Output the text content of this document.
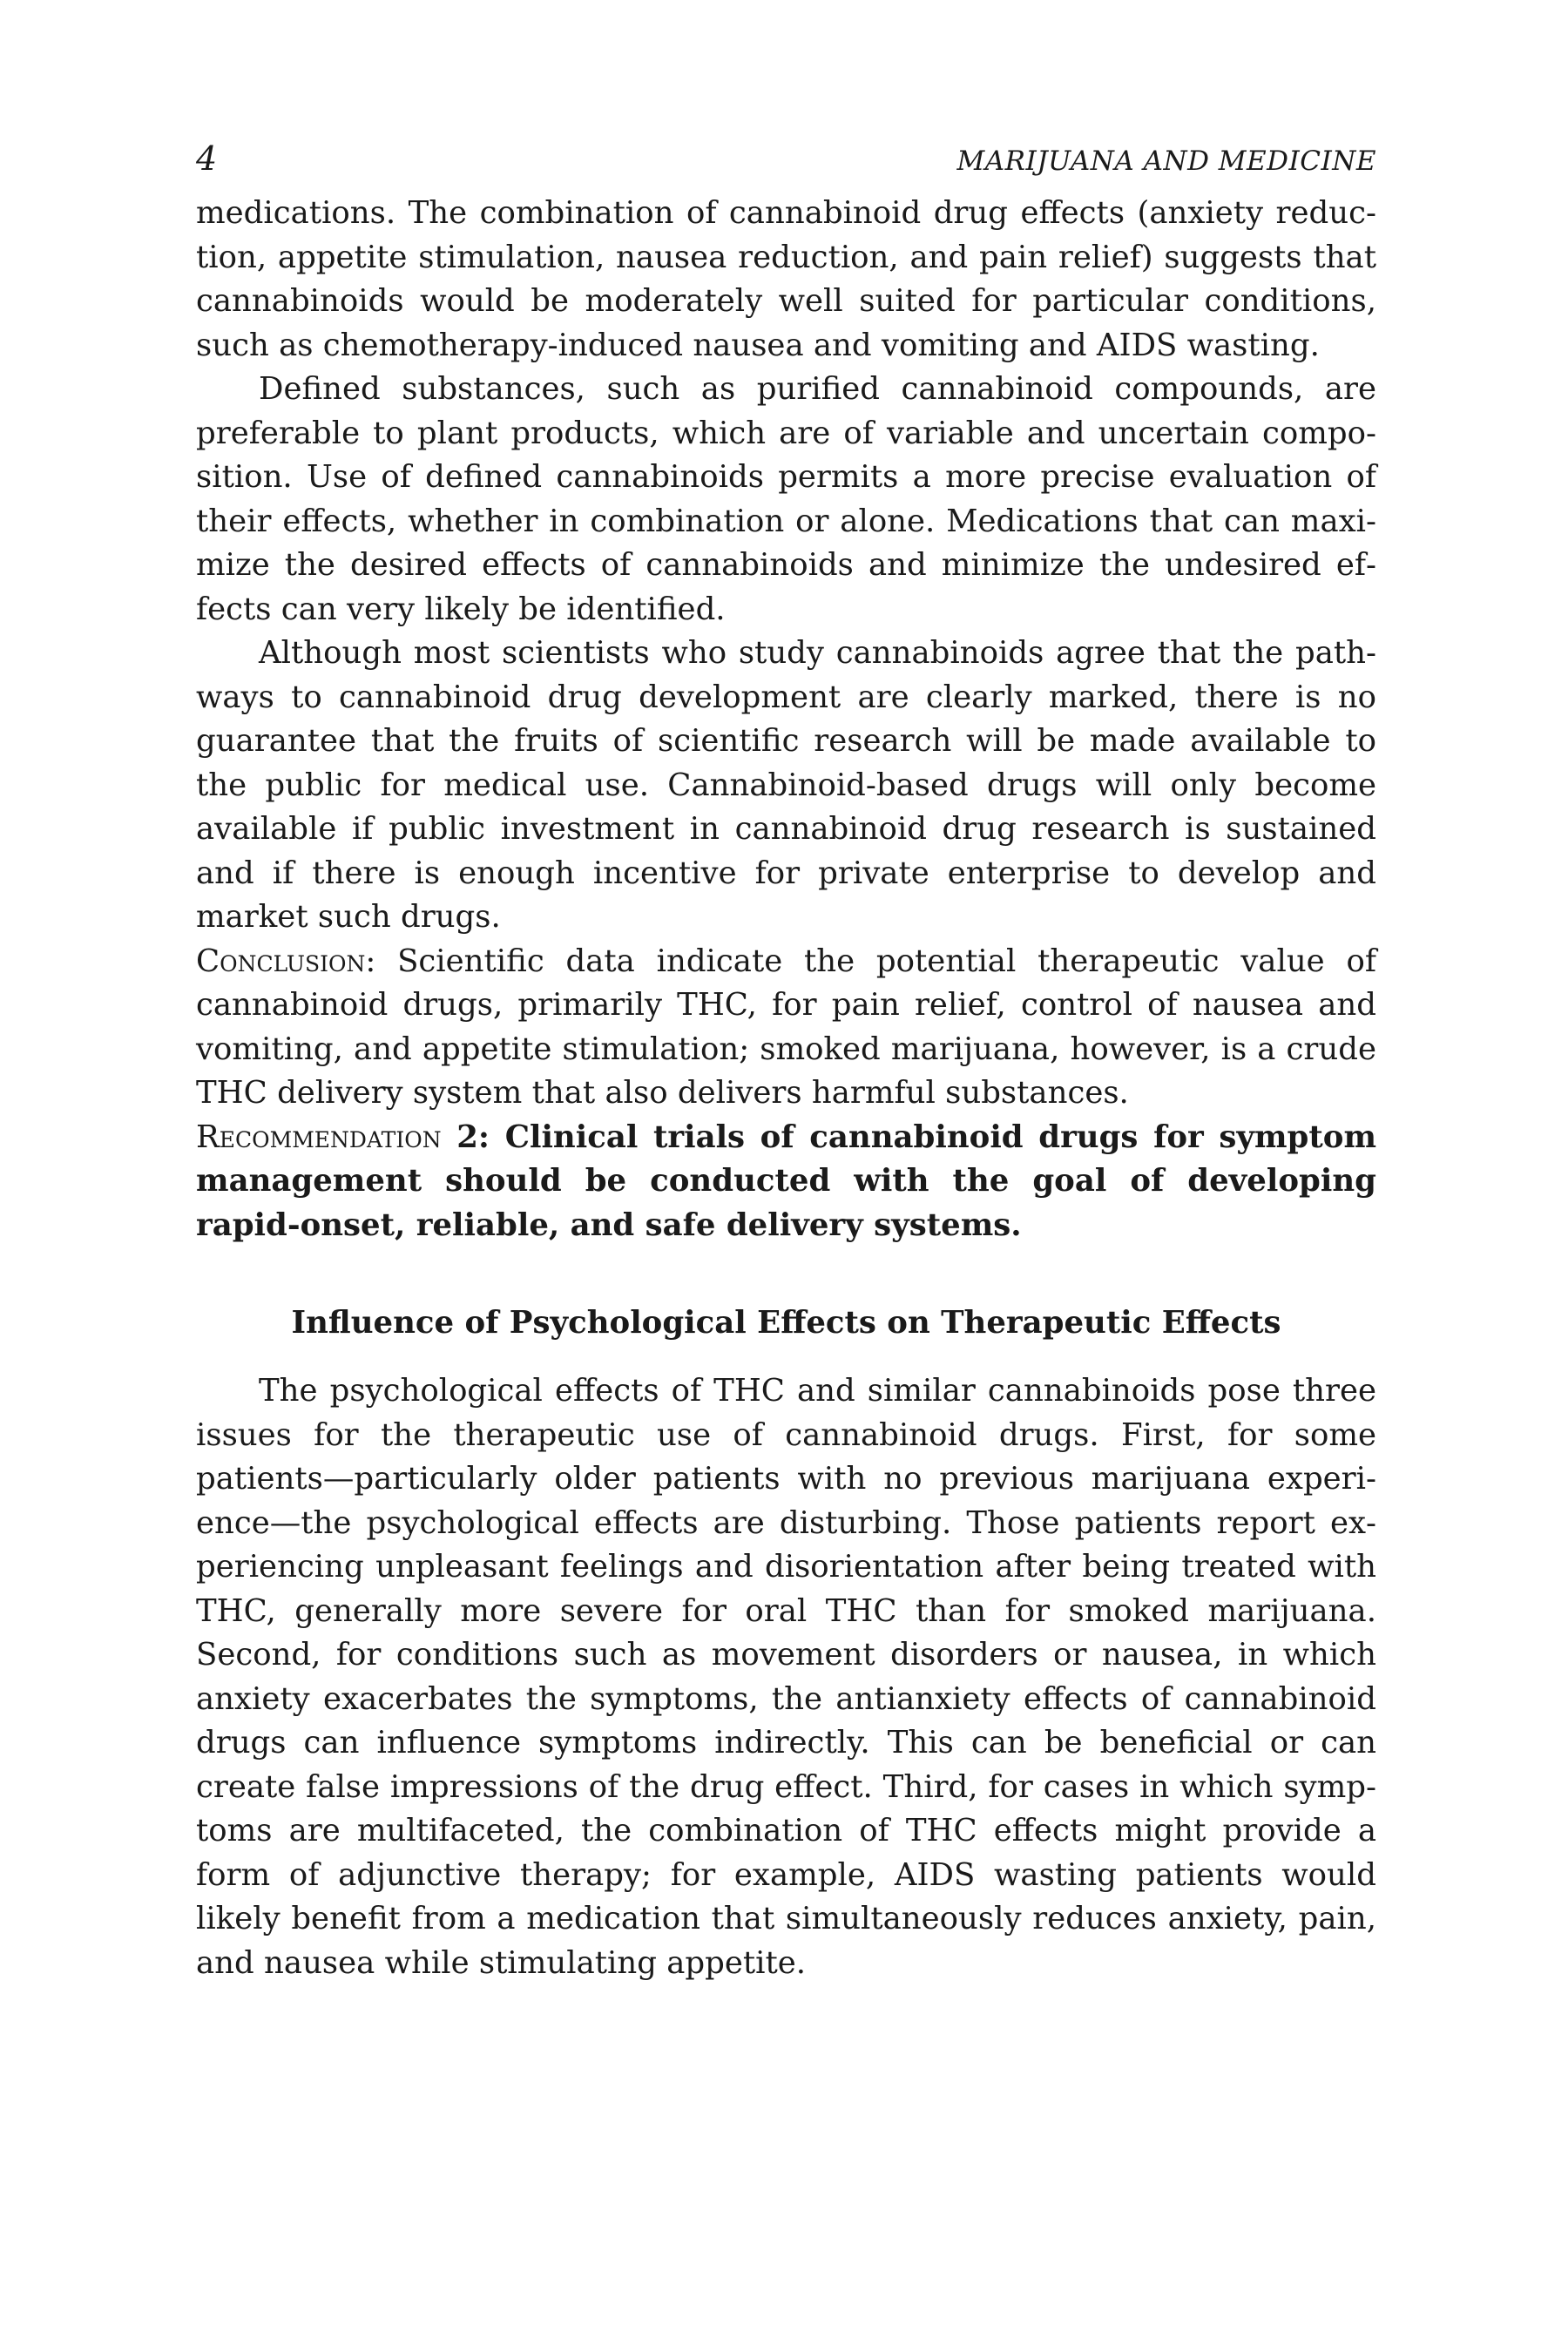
4	MARIJUANA AND MEDICINE

medications. The combination of cannabinoid drug effects (anxiety reduction, appetite stimulation, nausea reduction, and pain relief) suggests that cannabinoids would be moderately well suited for particular conditions, such as chemotherapy-induced nausea and vomiting and AIDS wasting.

Defined substances, such as purified cannabinoid compounds, are preferable to plant products, which are of variable and uncertain composition. Use of defined cannabinoids permits a more precise evaluation of their effects, whether in combination or alone. Medications that can maximize the desired effects of cannabinoids and minimize the undesired effects can very likely be identified.

Although most scientists who study cannabinoids agree that the pathways to cannabinoid drug development are clearly marked, there is no guarantee that the fruits of scientific research will be made available to the public for medical use. Cannabinoid-based drugs will only become available if public investment in cannabinoid drug research is sustained and if there is enough incentive for private enterprise to develop and market such drugs.

Conclusion: Scientific data indicate the potential therapeutic value of cannabinoid drugs, primarily THC, for pain relief, control of nausea and vomiting, and appetite stimulation; smoked marijuana, however, is a crude THC delivery system that also delivers harmful substances.

Recommendation 2: Clinical trials of cannabinoid drugs for symptom management should be conducted with the goal of developing rapid-onset, reliable, and safe delivery systems.

Influence of Psychological Effects on Therapeutic Effects

The psychological effects of THC and similar cannabinoids pose three issues for the therapeutic use of cannabinoid drugs. First, for some patients—particularly older patients with no previous marijuana experience—the psychological effects are disturbing. Those patients report experiencing unpleasant feelings and disorientation after being treated with THC, generally more severe for oral THC than for smoked marijuana. Second, for conditions such as movement disorders or nausea, in which anxiety exacerbates the symptoms, the antianxiety effects of cannabinoid drugs can influence symptoms indirectly. This can be beneficial or can create false impressions of the drug effect. Third, for cases in which symptoms are multifaceted, the combination of THC effects might provide a form of adjunctive therapy; for example, AIDS wasting patients would likely benefit from a medication that simultaneously reduces anxiety, pain, and nausea while stimulating appetite.
